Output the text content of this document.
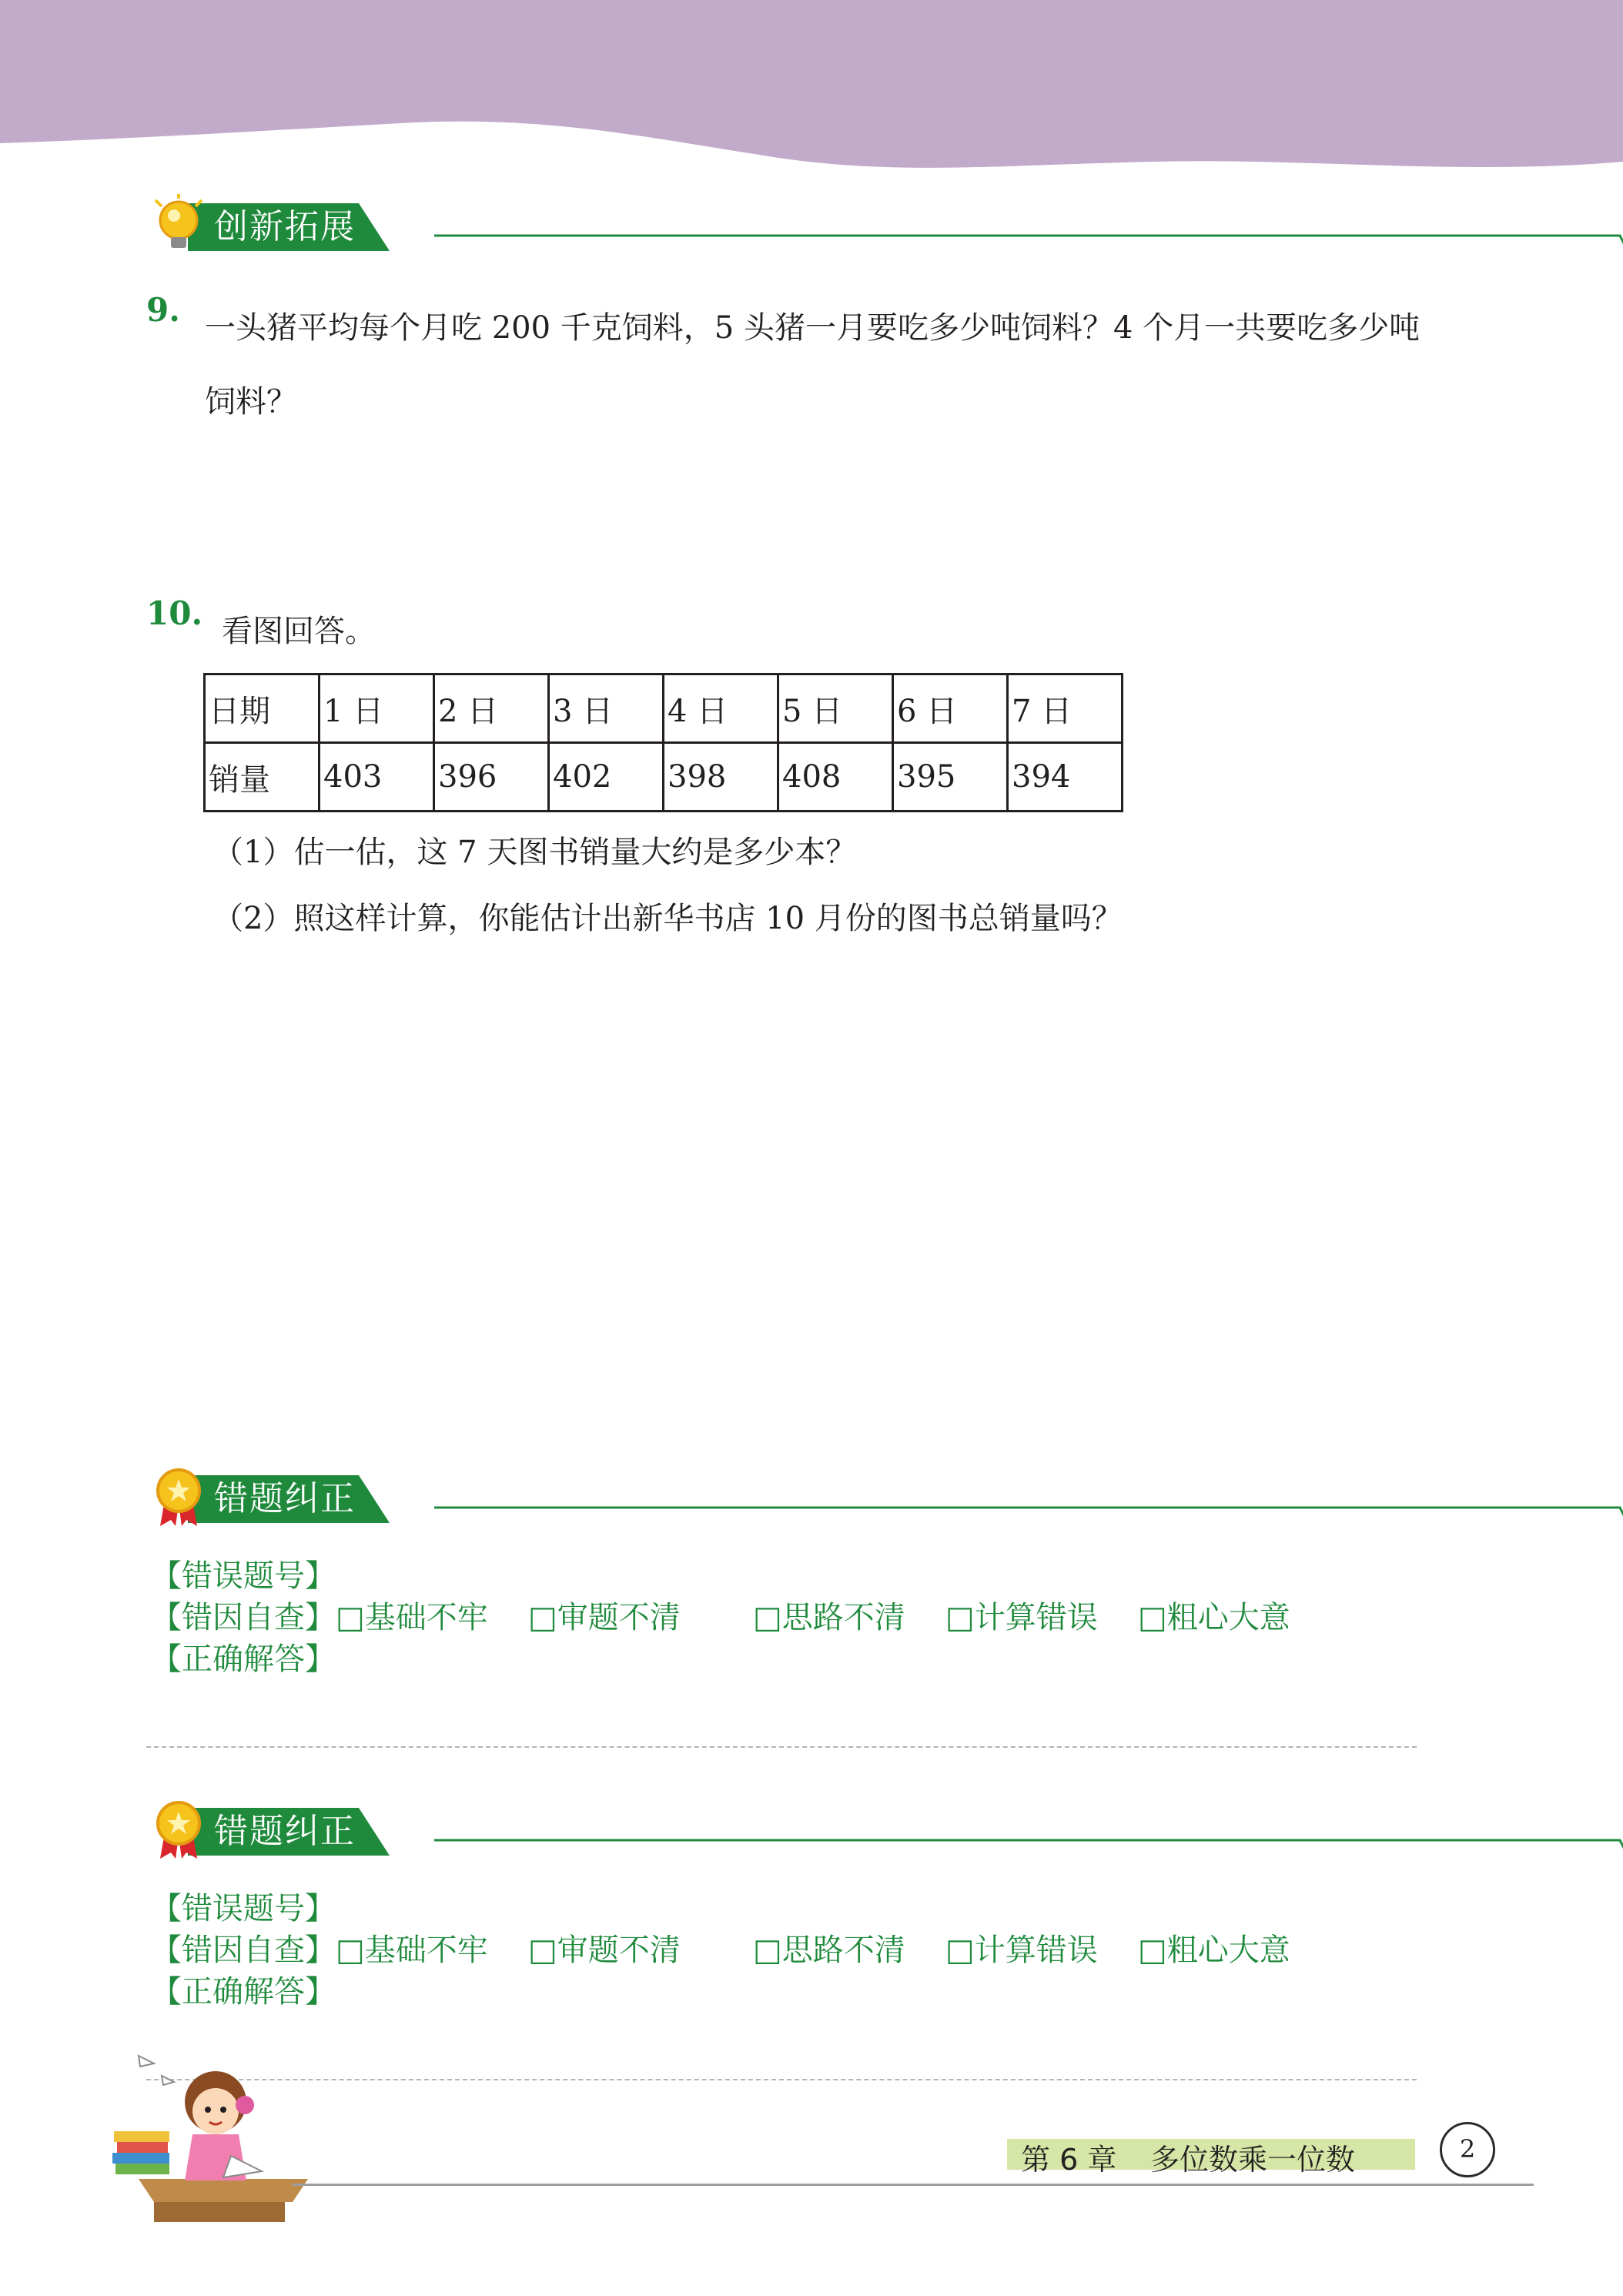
创新拓展
9. 一头猪平均每个月吃 200 千克饲料，5 头猪一月要吃多少吨饲料？4 个月一共要吃多少吨
饲料？
10. 看图回答。
日期	1 日	2 日	3 日	4 日	5 日	6 日	7 日
销量	403	396	402	398	408	395	394
（1）估一估，这 7 天图书销量大约是多少本？
（2）照这样计算，你能估计出新华书店 10 月份的图书总销量吗？
错题纠正
【错误题号】
【错因自查】□基础不牢 □审题不清 □思路不清 □计算错误 □粗心大意
【正确解答】
错题纠正
【错误题号】
【错因自查】□基础不牢 □审题不清 □思路不清 □计算错误 □粗心大意
【正确解答】
第 6 章 多位数乘一位数	2
